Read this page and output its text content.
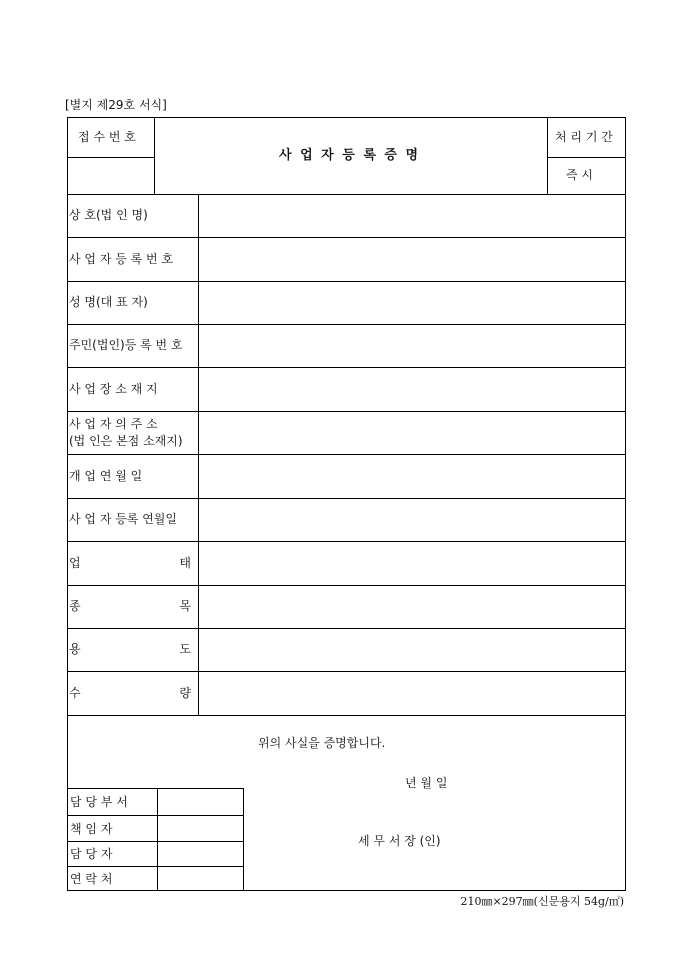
[별지 제29호 서식]
접 수 번 호
사 업 자 등 록 증 명
처 리 기 간
즉 시
상 호(법 인 명)
사 업 자 등 록 번 호
성 명(대 표 자)
주민(법인)등 록 번 호
사 업 장 소 재 지
사 업 자 의 주 소
(법 인은 본점 소재지)
개 업 연 월 일
사 업 자 등록 연월일
업	태
종	목
용	도
수	량
위의 사실을 증명합니다.
년 월 일
세 무 서 장 (인)
담 당 부 서
책 임 자
담 당 자
연 락 처
210㎜×297㎜(신문용지 54g/㎡)
